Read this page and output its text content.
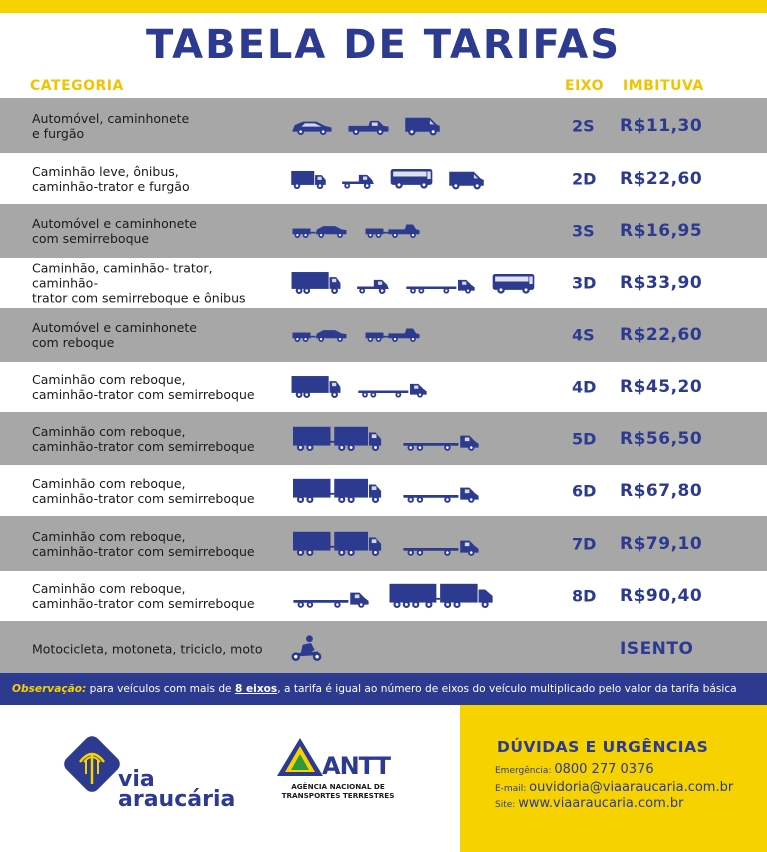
TABELA DE TARIFAS
CATEGORIA	EIXO IMBITUVA
Automóvel, caminhonete
e furgão	2S R$11,30
Caminhão leve, ônibus,
caminhão-trator e furgão	2D R$22,60
Automóvel e caminhonete
com semirreboque	3S R$16,95
Caminhão, caminhão- trator, caminhão-
trator com semirreboque e ônibus
3D R$33,90
Automóvel e caminhonete
com reboque	4S R$22,60
Caminhão com reboque,
caminhão-trator com semirreboque	4D R$45,20
Caminhão com reboque,
caminhão-trator com semirreboque	5D R$56,50
Caminhão com reboque,
caminhão-trator com semirreboque	6D R$67,80
Caminhão com reboque,
caminhão-trator com semirreboque	7D R$79,10
Caminhão com reboque,
caminhão-trator com semirreboque	8D R$90,40
Motocicleta, motoneta, triciclo, moto	ISENTO
Observação: para veículos com mais de 8 eixos, a tarifa é igual ao número de eixos do veículo multiplicado pelo valor da tarifa básica
via
araucária
ANTT
AGÊNCIA NACIONAL DE
TRANSPORTES TERRESTRES
DÚVIDAS E URGÊNCIAS
Emergência: 0800 277 0376
E-mail: ouvidoria@viaaraucaria.com.br
Site: www.viaaraucaria.com.br
